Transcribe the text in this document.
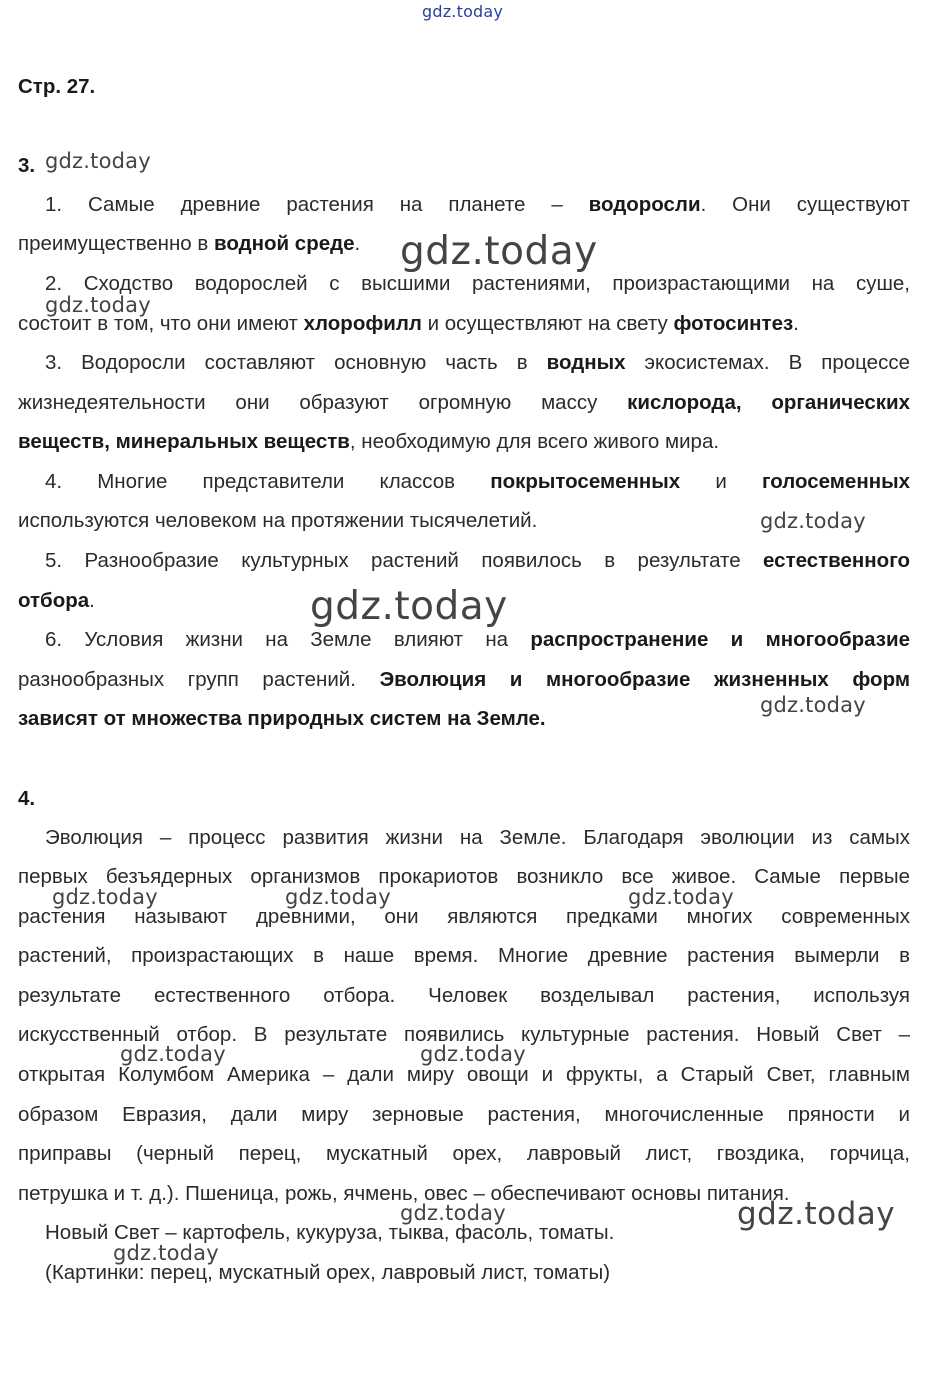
gdz.today
Стр. 27.
3. gdz.today
1. Самые древние растения на планете – водоросли. Они существуют
преимущественно в водной среде.
2. Сходство водорослей с высшими растениями, произрастающими на суше,
состоит в том, что они имеют хлорофилл и осуществляют на свету фотосинтез.
3. Водоросли составляют основную часть в водных экосистемах. В процессе
жизнедеятельности они образуют огромную массу кислорода, органических
веществ, минеральных веществ, необходимую для всего живого мира.
4. Многие представители классов покрытосеменных и голосеменных
используются человеком на протяжении тысячелетий.
5. Разнообразие культурных растений появилось в результате естественного
отбора.
6. Условия жизни на Земле влияют на распространение и многообразие
разнообразных групп растений. Эволюция и многообразие жизненных форм
зависят от множества природных систем на Земле.
4.
Эволюция – процесс развития жизни на Земле. Благодаря эволюции из самых
первых безъядерных организмов прокариотов возникло все живое. Самые первые
растения называют древними, они являются предками многих современных
растений, произрастающих в наше время. Многие древние растения вымерли в
результате естественного отбора. Человек возделывал растения, используя
искусственный отбор. В результате появились культурные растения. Новый Свет –
открытая Колумбом Америка – дали миру овощи и фрукты, а Старый Свет, главным
образом Евразия, дали миру зерновые растения, многочисленные пряности и
приправы (черный перец, мускатный орех, лавровый лист, гвоздика, горчица,
петрушка и т. д.). Пшеница, рожь, ячмень, овес – обеспечивают основы питания.
Новый Свет – картофель, кукуруза, тыква, фасоль, томаты.
(Картинки: перец, мускатный орех, лавровый лист, томаты)
gdz.today
gdz.today
gdz.today
gdz.today
gdz.today
gdz.today	gdz.today	gdz.today
gdz.today	gdz.today
gdz.today	gdz.today
gdz.today
